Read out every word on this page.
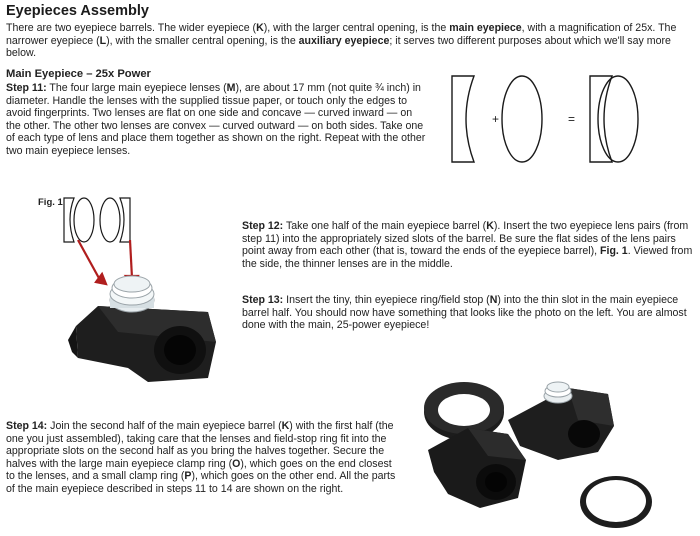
Eyepieces Assembly
There are two eyepiece barrels. The wider eyepiece (K), with the larger central opening, is the main eyepiece, with a magnification of 25x. The narrower eyepiece (L), with the smaller central opening, is the auxiliary eyepiece; it serves two different purposes about which we'll say more below.
Main Eyepiece – 25x Power
Step 11: The four large main eyepiece lenses (M), are about 17 mm (not quite ¾ inch) in diameter. Handle the lenses with the supplied tissue paper, or touch only the edges to avoid fingerprints. Two lenses are flat on one side and concave — curved inward — on the other. The other two lenses are convex — curved outward — on both sides. Take one of each type of lens and place them together as shown on the right. Repeat with the other two main eyepiece lenses.
+	=
Fig. 1
Step 12: Take one half of the main eyepiece barrel (K). Insert the two eyepiece lens pairs (from step 11) into the appropriately sized slots of the barrel. Be sure the flat sides of the lens pairs point away from each other (that is, toward the ends of the eyepiece barrel), Fig. 1. Viewed from the side, the thinner lenses are in the middle.
Step 13: Insert the tiny, thin eyepiece ring/field stop (N) into the thin slot in the main eyepiece barrel half. You should now have something that looks like the photo on the left. You are almost done with the main, 25-power eyepiece!
Step 14: Join the second half of the main eyepiece barrel (K) with the first half (the one you just assembled), taking care that the lenses and field-stop ring fit into the appropriate slots on the second half as you bring the halves together. Secure the halves with the large main eyepiece clamp ring (O), which goes on the end closest to the lenses, and a small clamp ring (P), which goes on the other end. All the parts of the main eyepiece described in steps 11 to 14 are shown on the right.
